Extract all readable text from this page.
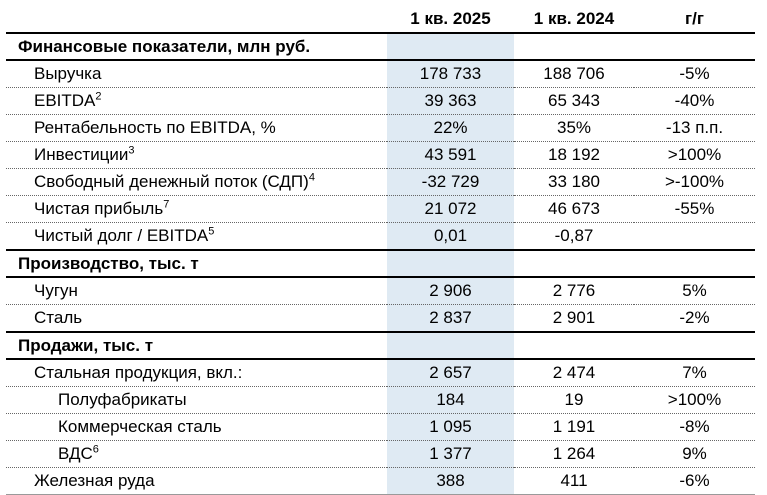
	1 кв. 2025	1 кв. 2024	г/г
Финансовые показатели, млн руб.			
Выручка	178 733	188 706	-5%
EBITDA$^2$	39 363	65 343	-40%
Рентабельность по EBITDA, %	22%	35%	-13 п.п.
Инвестиции$^3$	43 591	18 192	>100%
Свободный денежный поток (СДП)$^4$	-32 729	33 180	>-100%
Чистая прибыль$^7$	21 072	46 673	-55%
Чистый долг / EBITDA$^5$	0,01	-0,87	
Производство, тыс. т			
Чугун	2 906	2 776	5%
Сталь	2 837	2 901	-2%
Продажи, тыс. т			
Стальная продукция, вкл.:	2 657	2 474	7%
Полуфабрикаты	184	19	>100%
Коммерческая сталь	1 095	1 191	-8%
ВДС$^6$	1 377	1 264	9%
Железная руда	388	411	-6%
